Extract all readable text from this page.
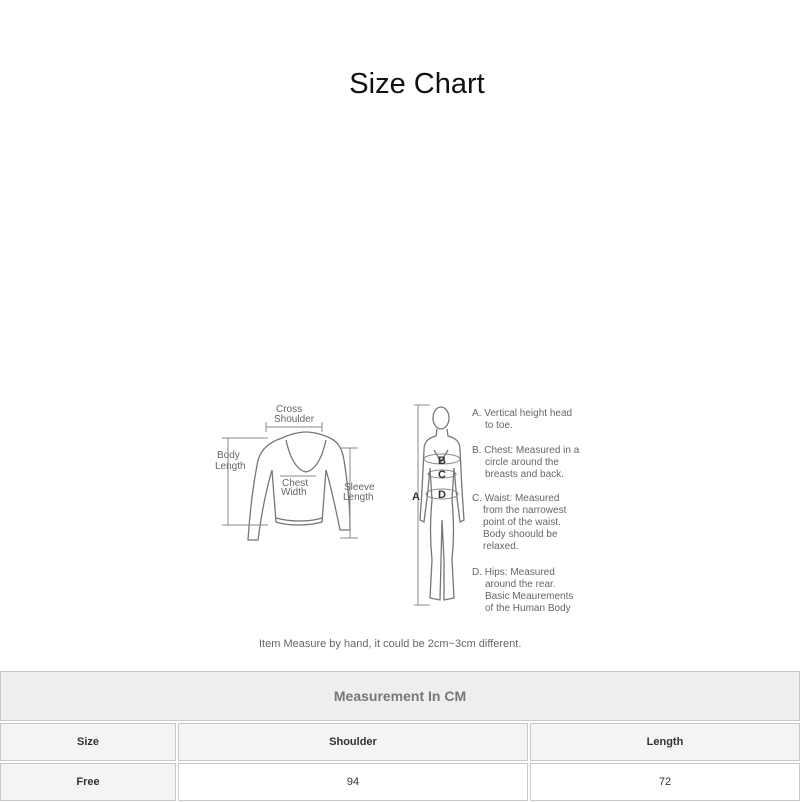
Size Chart
Cross
Shoulder
Body
Length
Chest
Width	Sleeve
Length	A
B
C
D
A. Vertical height head
to toe.
B. Chest: Measured in a
circle around the
breasts and back.
C. Waist: Measured
from the narrowest
point of the waist.
Body shoould be
relaxed.
D. Hips: Measured
around the rear.
Basic Meaurements
of the Human Body
Item Measure by hand, it could be 2cm~3cm different.
Measurement In CM		
Size	Shoulder	Length
Free	94	72
